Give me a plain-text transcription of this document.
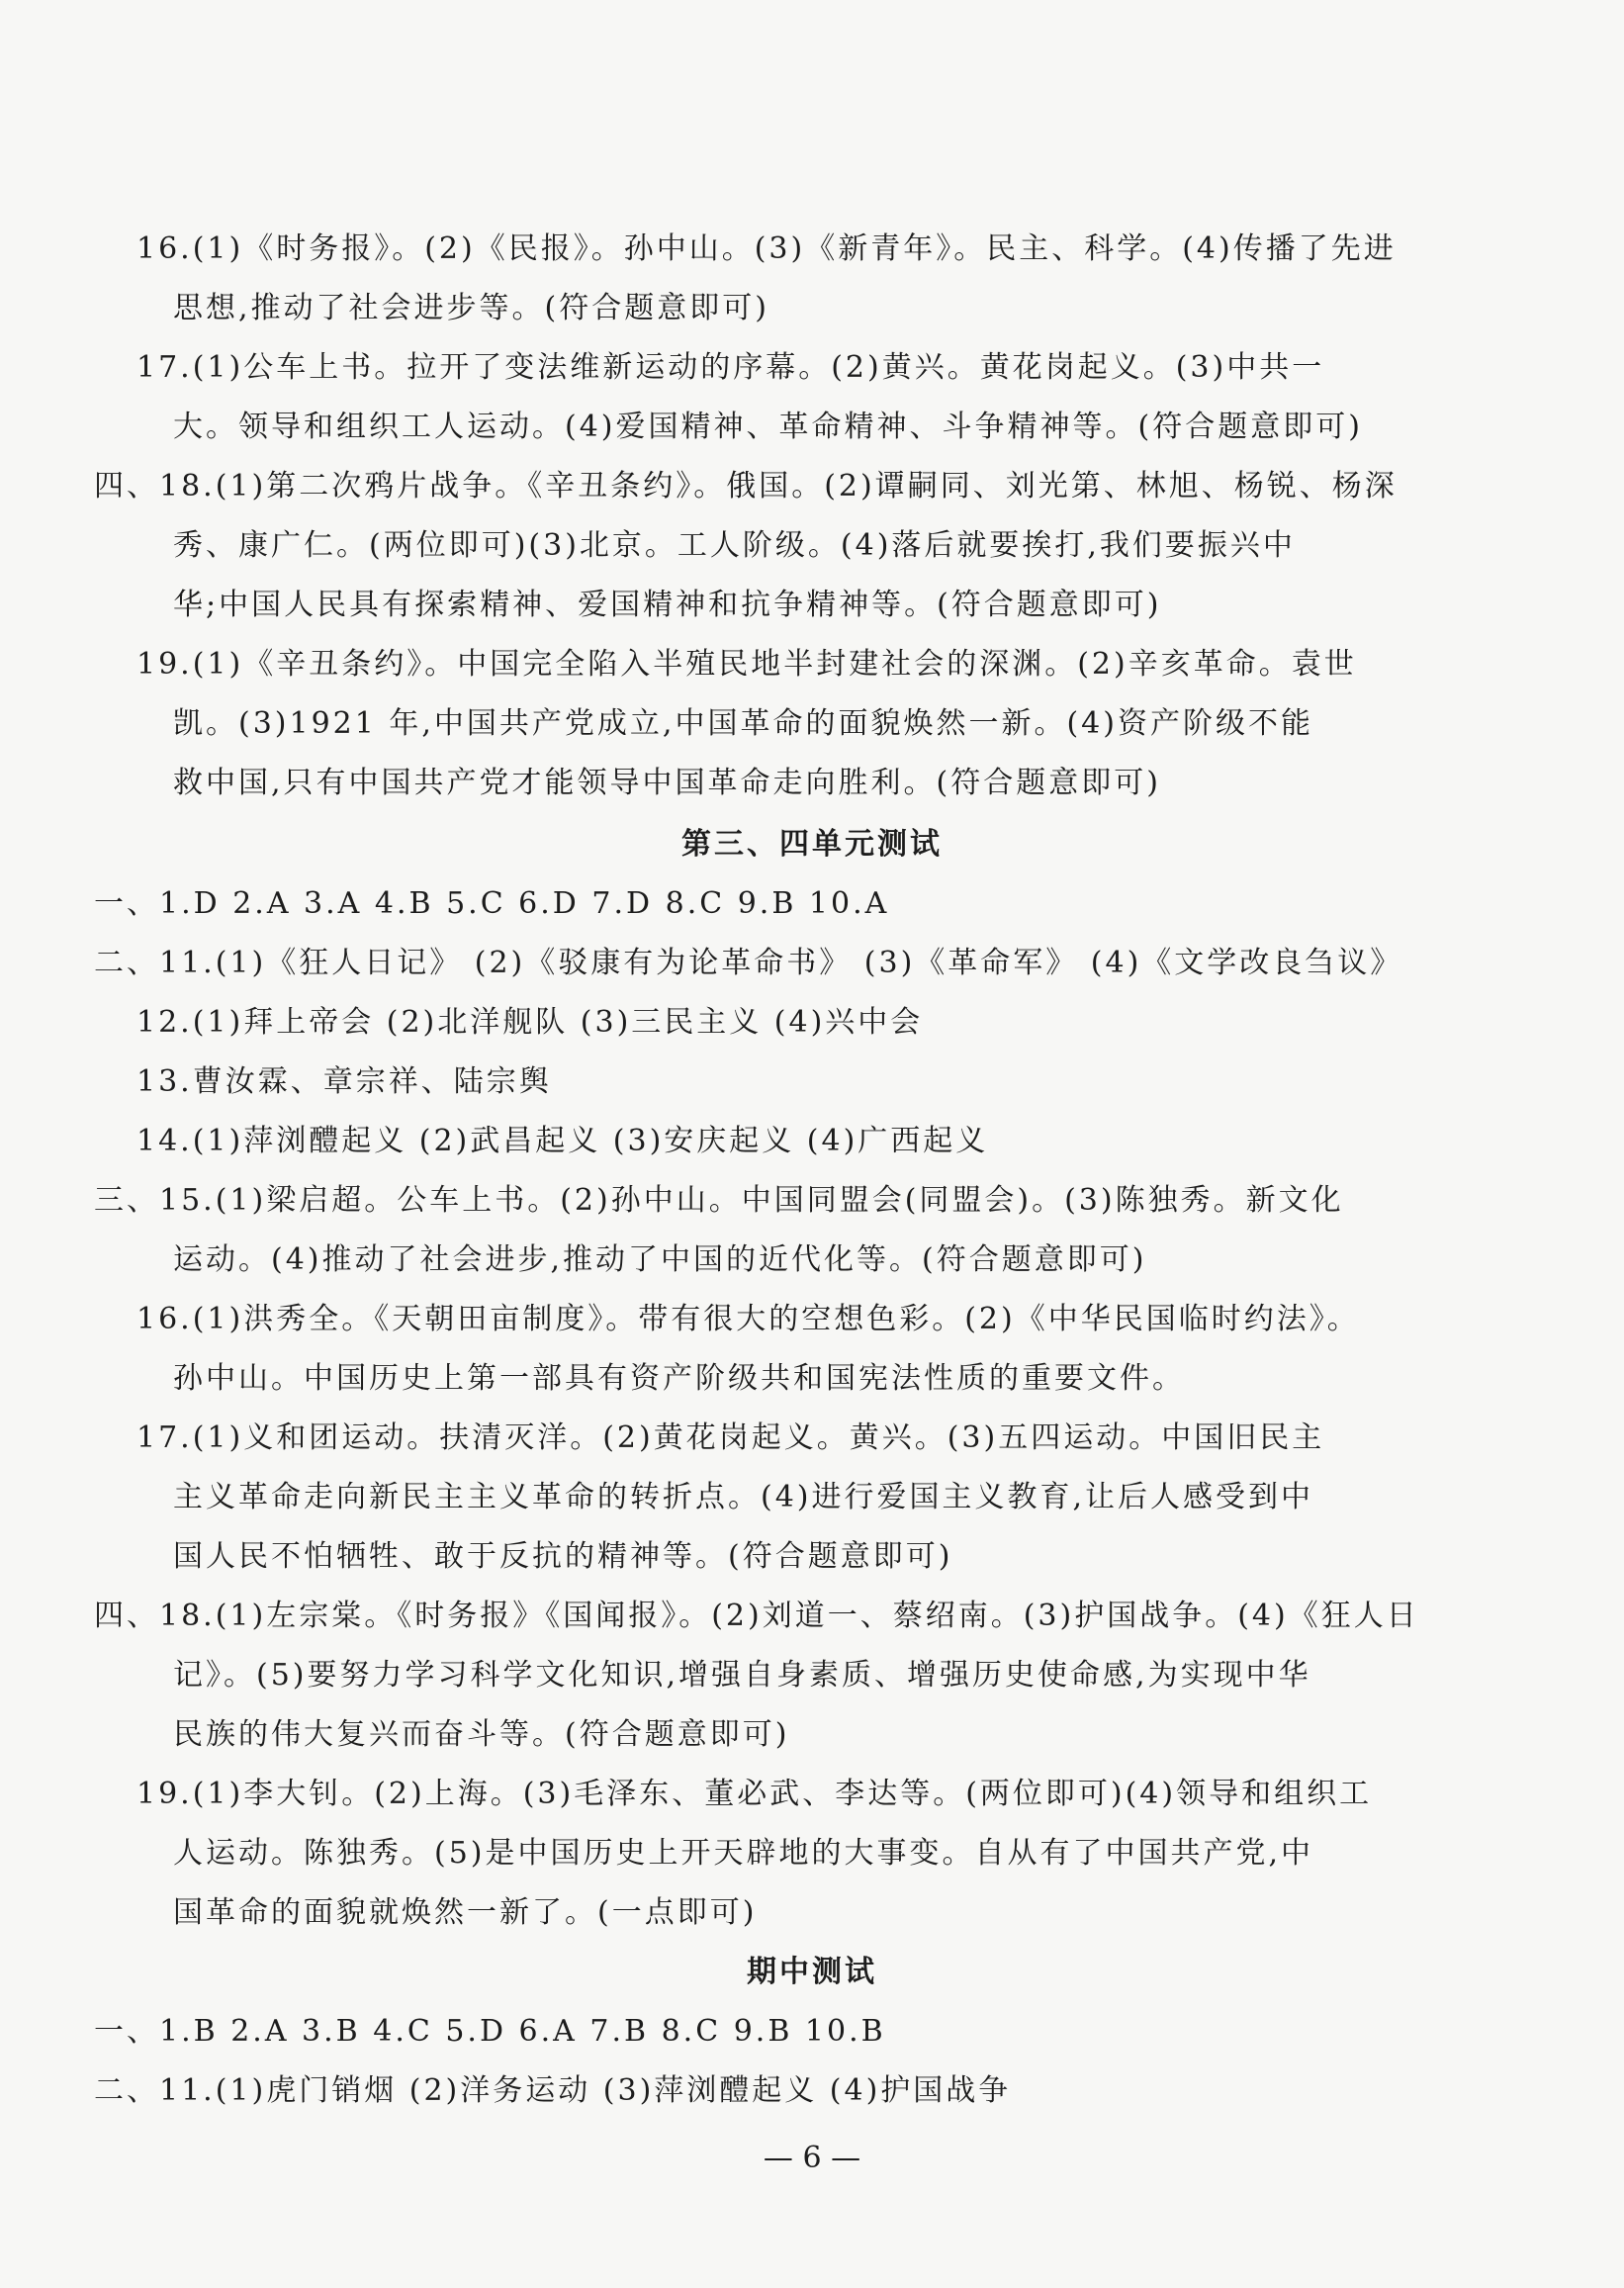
16.(1)《时务报》。(2)《民报》。孙中山。(3)《新青年》。民主、科学。(4)传播了先进
思想,推动了社会进步等。(符合题意即可)
17.(1)公车上书。拉开了变法维新运动的序幕。(2)黄兴。黄花岗起义。(3)中共一
大。领导和组织工人运动。(4)爱国精神、革命精神、斗争精神等。(符合题意即可)
四、18.(1)第二次鸦片战争。《辛丑条约》。俄国。(2)谭嗣同、刘光第、林旭、杨锐、杨深
秀、康广仁。(两位即可)(3)北京。工人阶级。(4)落后就要挨打,我们要振兴中
华;中国人民具有探索精神、爱国精神和抗争精神等。(符合题意即可)
19.(1)《辛丑条约》。中国完全陷入半殖民地半封建社会的深渊。(2)辛亥革命。袁世
凯。(3)1921 年,中国共产党成立,中国革命的面貌焕然一新。(4)资产阶级不能
救中国,只有中国共产党才能领导中国革命走向胜利。(符合题意即可)
第三、四单元测试
一、1.D 2.A 3.A 4.B 5.C 6.D 7.D 8.C 9.B 10.A
二、11.(1)《狂人日记》 (2)《驳康有为论革命书》 (3)《革命军》 (4)《文学改良刍议》
12.(1)拜上帝会 (2)北洋舰队 (3)三民主义 (4)兴中会
13.曹汝霖、章宗祥、陆宗舆
14.(1)萍浏醴起义 (2)武昌起义 (3)安庆起义 (4)广西起义
三、15.(1)梁启超。公车上书。(2)孙中山。中国同盟会(同盟会)。(3)陈独秀。新文化
运动。(4)推动了社会进步,推动了中国的近代化等。(符合题意即可)
16.(1)洪秀全。《天朝田亩制度》。带有很大的空想色彩。(2)《中华民国临时约法》。
孙中山。中国历史上第一部具有资产阶级共和国宪法性质的重要文件。
17.(1)义和团运动。扶清灭洋。(2)黄花岗起义。黄兴。(3)五四运动。中国旧民主
主义革命走向新民主主义革命的转折点。(4)进行爱国主义教育,让后人感受到中
国人民不怕牺牲、敢于反抗的精神等。(符合题意即可)
四、18.(1)左宗棠。《时务报》《国闻报》。(2)刘道一、蔡绍南。(3)护国战争。(4)《狂人日
记》。(5)要努力学习科学文化知识,增强自身素质、增强历史使命感,为实现中华
民族的伟大复兴而奋斗等。(符合题意即可)
19.(1)李大钊。(2)上海。(3)毛泽东、董必武、李达等。(两位即可)(4)领导和组织工
人运动。陈独秀。(5)是中国历史上开天辟地的大事变。自从有了中国共产党,中
国革命的面貌就焕然一新了。(一点即可)
期中测试
一、1.B 2.A 3.B 4.C 5.D 6.A 7.B 8.C 9.B 10.B
二、11.(1)虎门销烟 (2)洋务运动 (3)萍浏醴起义 (4)护国战争
— 6 —
